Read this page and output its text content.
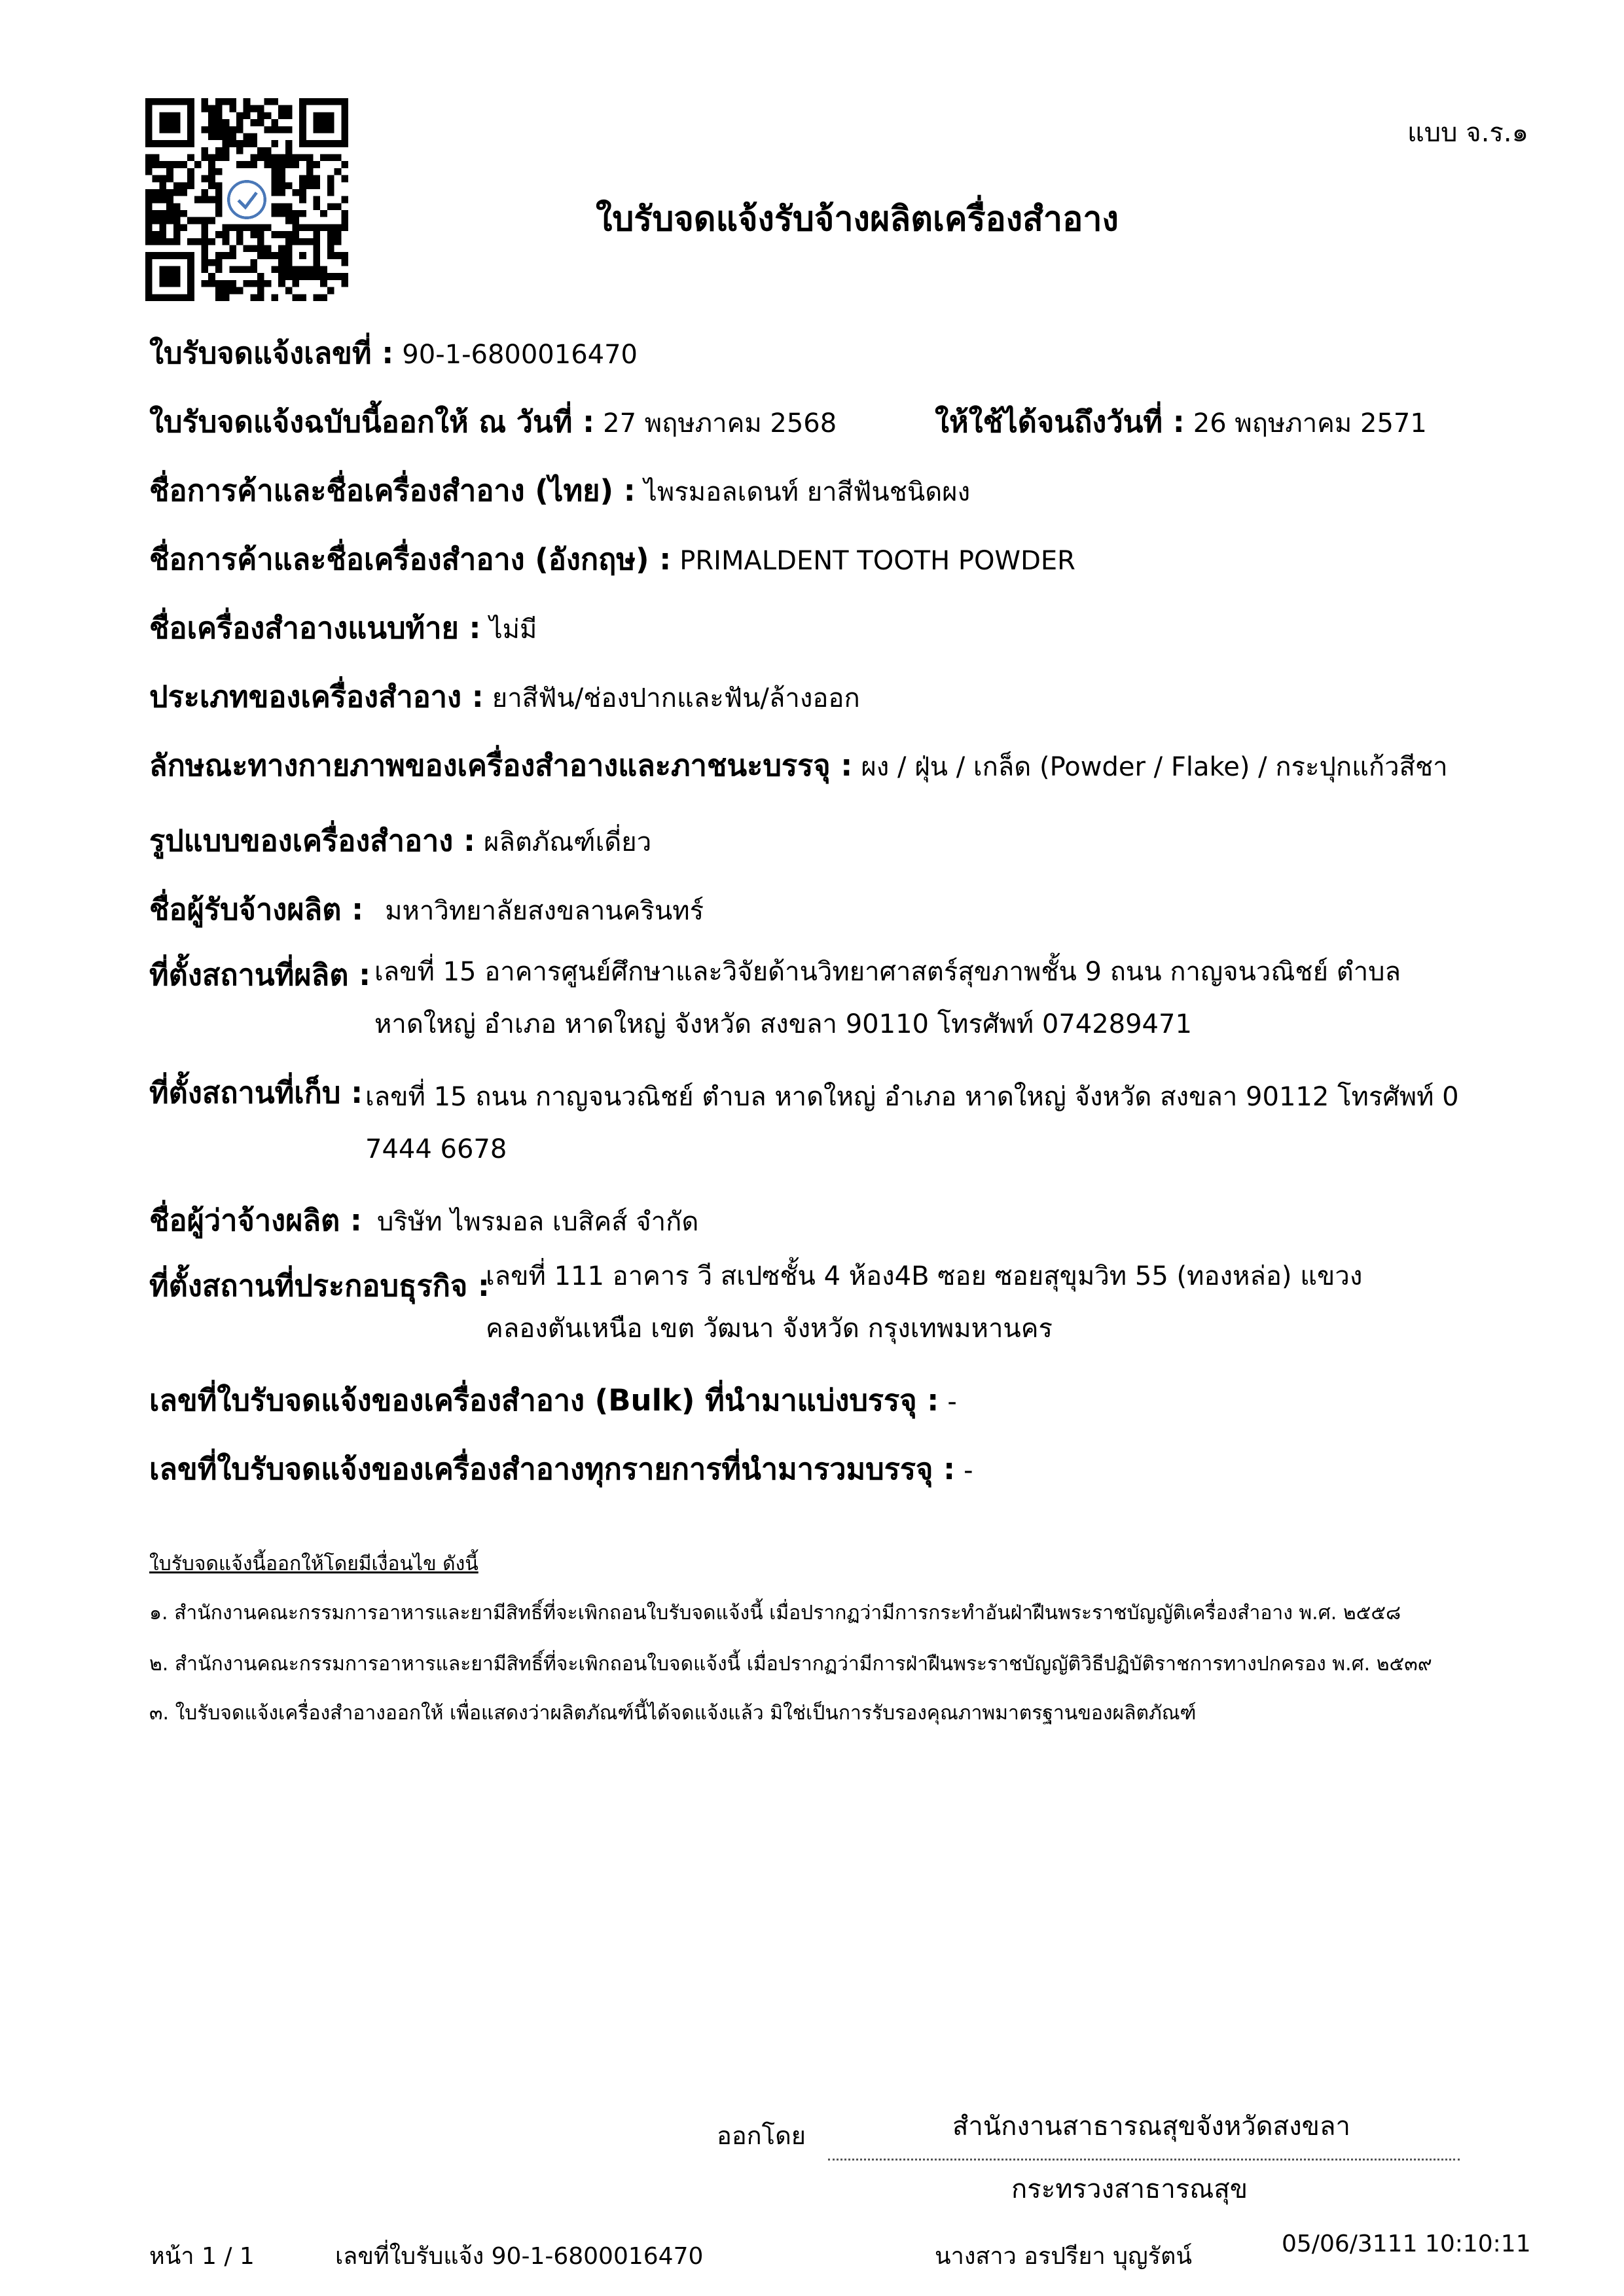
แบบ จ.ร.๑
ใบรับจดแจ้งรับจ้างผลิตเครื่องสำอาง
ใบรับจดแจ้งเลขที่ : 90-1-6800016470
ใบรับจดแจ้งฉบับนี้ออกให้ ณ วันที่ : 27 พฤษภาคม 2568	ให้ใช้ได้จนถึงวันที่ : 26 พฤษภาคม 2571
ชื่อการค้าและชื่อเครื่องสำอาง (ไทย) : ไพรมอลเดนท์ ยาสีฟันชนิดผง
ชื่อการค้าและชื่อเครื่องสำอาง (อังกฤษ) : PRIMALDENT TOOTH POWDER
ชื่อเครื่องสำอางแนบท้าย : ไม่มี
ประเภทของเครื่องสำอาง : ยาสีฟัน/ช่องปากและฟัน/ล้างออก
ลักษณะทางกายภาพของเครื่องสำอางและภาชนะบรรจุ : ผง / ฝุ่น / เกล็ด (Powder / Flake) / กระปุกแก้วสีชา
รูปแบบของเครื่องสำอาง : ผลิตภัณฑ์เดี่ยว
ชื่อผู้รับจ้างผลิต : มหาวิทยาลัยสงขลานครินทร์
ที่ตั้งสถานที่ผลิต : เลขที่ 15 อาคารศูนย์ศึกษาและวิจัยด้านวิทยาศาสตร์สุขภาพชั้น 9 ถนน กาญจนวณิชย์ ตำบล
หาดใหญ่ อำเภอ หาดใหญ่ จังหวัด สงขลา 90110 โทรศัพท์ 074289471
ที่ตั้งสถานที่เก็บ : เลขที่ 15 ถนน กาญจนวณิชย์ ตำบล หาดใหญ่ อำเภอ หาดใหญ่ จังหวัด สงขลา 90112 โทรศัพท์ 0
7444 6678
ชื่อผู้ว่าจ้างผลิต : บริษัท ไพรมอล เบสิคส์ จำกัด
ที่ตั้งสถานที่ประกอบธุรกิจ :
เลขที่ 111 อาคาร วี สเปซชั้น 4 ห้อง4B ซอย ซอยสุขุมวิท 55 (ทองหล่อ) แขวง
คลองตันเหนือ เขต วัฒนา จังหวัด กรุงเทพมหานคร
เลขที่ใบรับจดแจ้งของเครื่องสำอาง (Bulk) ที่นำมาแบ่งบรรจุ : -
เลขที่ใบรับจดแจ้งของเครื่องสำอางทุกรายการที่นำมารวมบรรจุ : -
ใบรับจดแจ้งนี้ออกให้โดยมีเงื่อนไข ดังนี้
๑. สำนักงานคณะกรรมการอาหารและยามีสิทธิ์ที่จะเพิกถอนใบรับจดแจ้งนี้ เมื่อปรากฏว่ามีการกระทำอันฝ่าฝืนพระราชบัญญัติเครื่องสำอาง พ.ศ. ๒๕๕๘
๒. สำนักงานคณะกรรมการอาหารและยามีสิทธิ์ที่จะเพิกถอนใบจดแจ้งนี้ เมื่อปรากฏว่ามีการฝ่าฝืนพระราชบัญญัติวิธีปฏิบัติราชการทางปกครอง พ.ศ. ๒๕๓๙
๓. ใบรับจดแจ้งเครื่องสำอางออกให้ เพื่อแสดงว่าผลิตภัณฑ์นี้ได้จดแจ้งแล้ว มิใช่เป็นการรับรองคุณภาพมาตรฐานของผลิตภัณฑ์
ออกโดย	สำนักงานสาธารณสุขจังหวัดสงขลา
กระทรวงสาธารณสุข
หน้า 1 / 1	เลขที่ใบรับแจ้ง 90-1-6800016470	นางสาว อรปรียา บุญรัตน์	05/06/3111 10:10:11
